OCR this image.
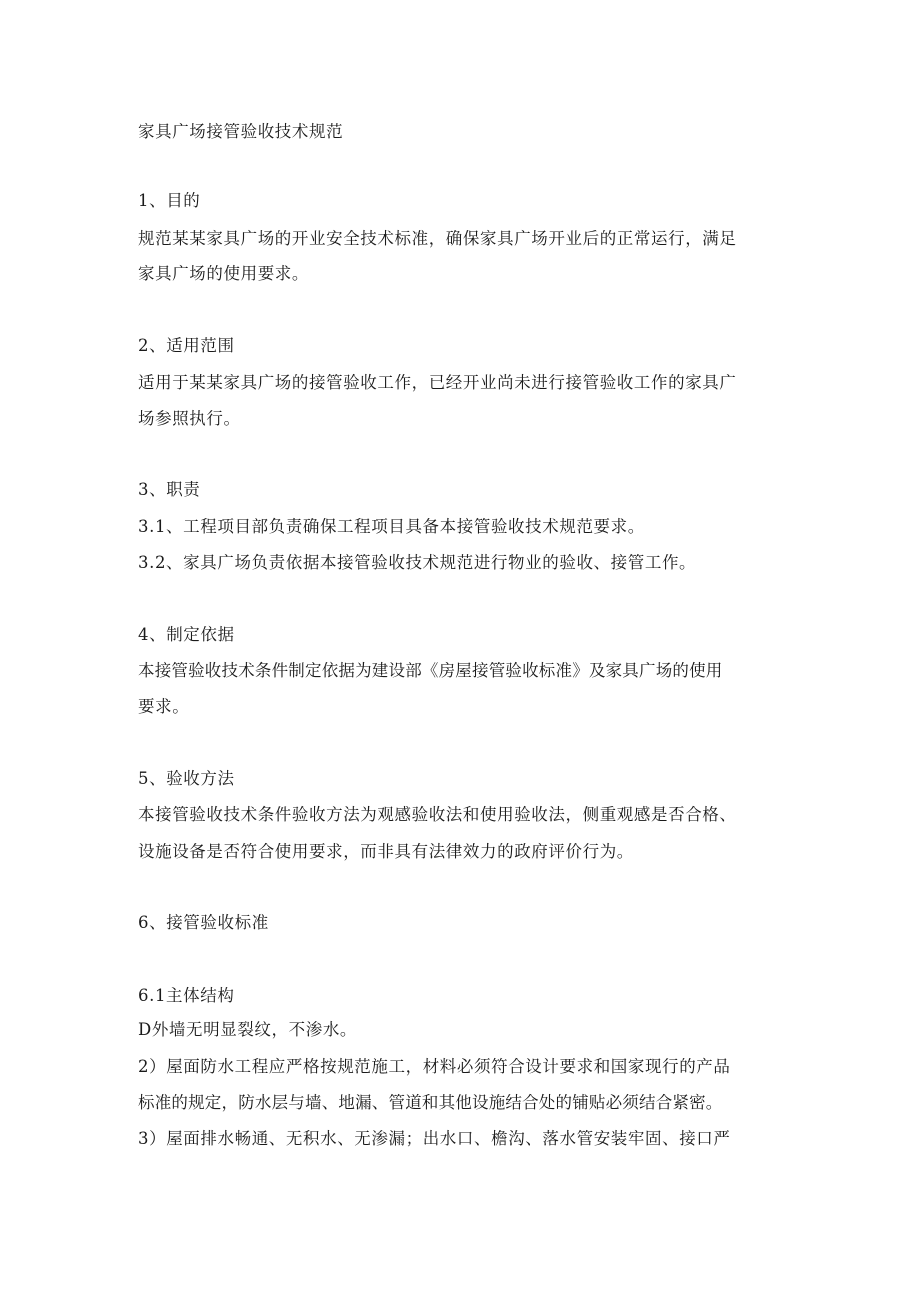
家具广场接管验收技术规范
1、目的
规范某某家具广场的开业安全技术标准，确保家具广场开业后的正常运行，满足
家具广场的使用要求。
2、适用范围
适用于某某家具广场的接管验收工作，已经开业尚未进行接管验收工作的家具广
场参照执行。
3、职责
3.1、工程项目部负责确保工程项目具备本接管验收技术规范要求。
3.2、家具广场负责依据本接管验收技术规范进行物业的验收、接管工作。
4、制定依据
本接管验收技术条件制定依据为建设部《房屋接管验收标准》及家具广场的使用
要求。
5、验收方法
本接管验收技术条件验收方法为观感验收法和使用验收法，侧重观感是否合格、
设施设备是否符合使用要求，而非具有法律效力的政府评价行为。
6、接管验收标准
6.1主体结构
D外墙无明显裂纹，不渗水。
2）屋面防水工程应严格按规范施工，材料必须符合设计要求和国家现行的产品
标准的规定，防水层与墙、地漏、管道和其他设施结合处的铺贴必须结合紧密。
3）屋面排水畅通、无积水、无渗漏；出水口、檐沟、落水管安装牢固、接口严
